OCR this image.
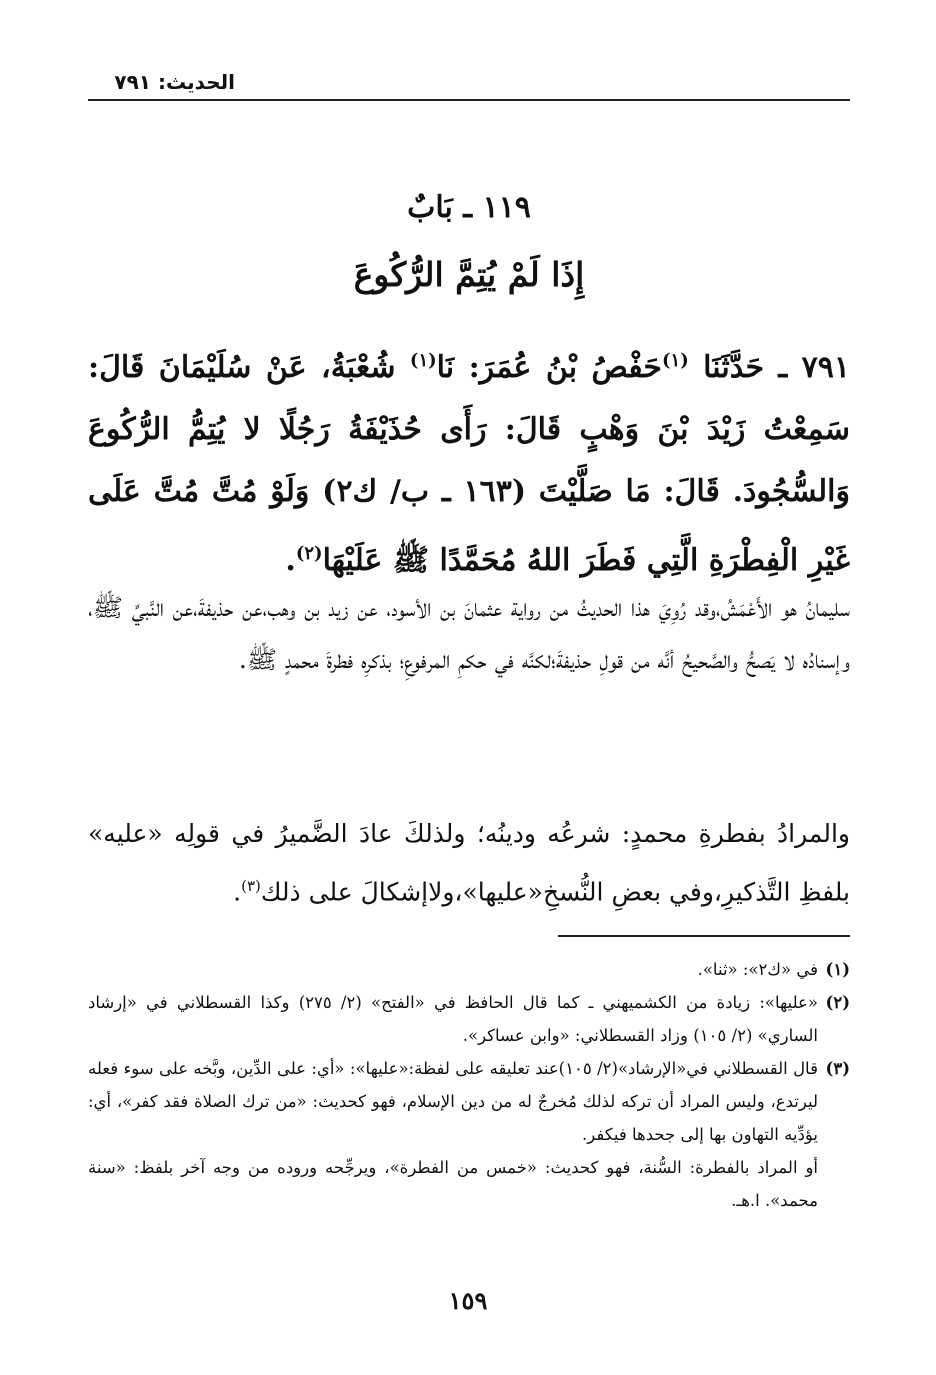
الحديث: ٧٩١
١١٩ ـ بَابٌ
إِذَا لَمْ يُتِمَّ الرُّكُوعَ
٧٩١ ـ حَدَّثَنَا $^{(١)}$حَفْصُ بْنُ عُمَرَ: نَا$^{(١)}$ شُعْبَةُ، عَنْ سُلَيْمَانَ قَالَ: سَمِعْتُ زَيْدَ بْنَ وَهْبٍ قَالَ: رَأَى حُذَيْفَةُ رَجُلًا لا يُتِمُّ الرُّكُوعَ وَالسُّجُودَ. قَالَ: مَا صَلَّيْتَ (١٦٣ ـ ب/ ك٢) وَلَوْ مُتَّ مُتَّ عَلَى غَيْرِ الْفِطْرَةِ الَّتِي فَطَرَ اللهُ مُحَمَّدًا ﷺ عَلَيْهَا$^{(٢)}$.
سليمانُ هو الأَعْمَشُ،وقد رُوِيَ هذا الحديثُ من رواية عثمانَ بن الأسود، عن زيد بن وهب،عن حذيفةَ،عن النَّبيِّ ﷺ، وإسنادُه لا يَصحُّ والصَّحيحُ أنَّه من قولِ حذيفةَ؛لكنَّه في حكمِ المرفوعِ؛ بذكرِه فطرةَ محمدٍ ﷺ.
والمرادُ بفطرةِ محمدٍ: شرعُه ودينُه؛ ولذلكَ عادَ الضَّميرُ في قولِه «عليه» بلفظِ التَّذكيرِ،وفي بعضِ النُّسخِ«عليها»،ولاإشكالَ على ذلك$^{(٣)}$.
(١)
في «ك٢»: «ثنا».
(٢)
«عليها»: زيادة من الكشميهني ـ كما قال الحافظ في «الفتح» (٢/ ٢٧٥) وكذا القسطلاني في «إرشاد الساري» (٢/ ١٠٥) وزاد القسطلاني: «وابن عساكر».
(٣)
قال القسطلاني في«الإرشاد»(٢/ ١٠٥)عند تعليقه على لفظة:«عليها»: «أي: على الدِّين، وبَّخه على سوء فعله ليرتدع، وليس المراد أن تركه لذلك مُخرجٌ له من دين الإسلام، فهو كحديث: «من ترك الصلاة فقد كفر»، أي: يؤدِّيه التهاون بها إلى جحدها فيكفر.
أو المراد بالفطرة: السُّنة، فهو كحديث: «خمس من الفطرة»، ويرجِّحه وروده من وجه آخر بلفظ: «سنة محمد». ا.هـ.
١٥٩
